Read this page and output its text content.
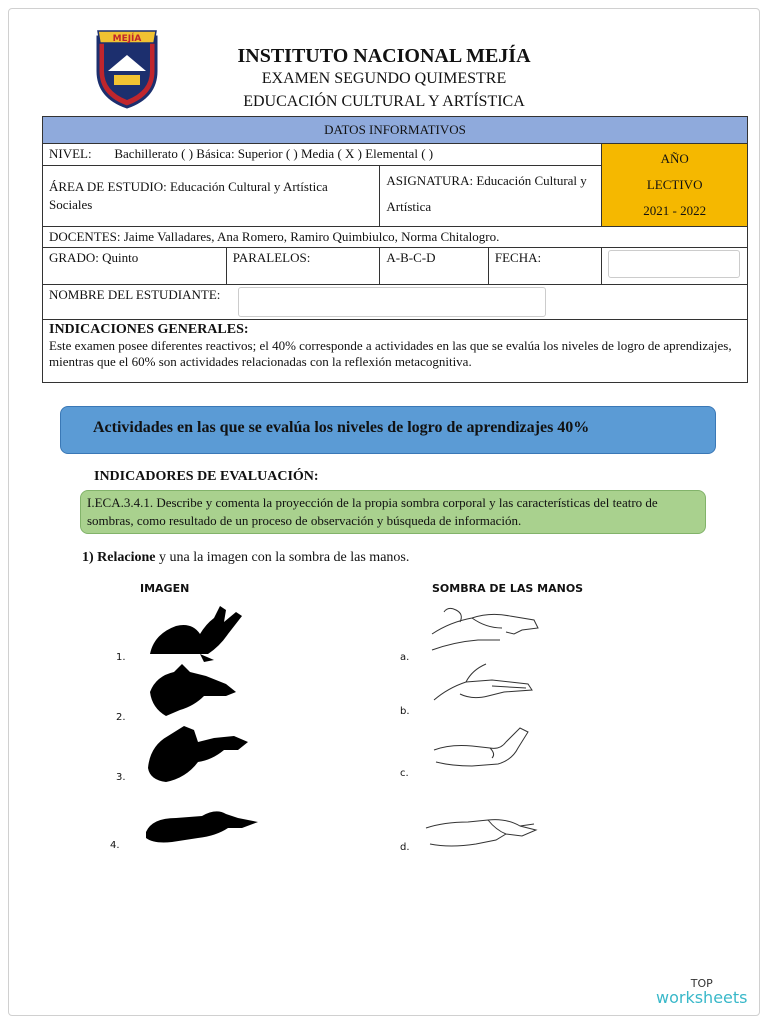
MEJÍA
INSTITUTO NACIONAL MEJÍA
EXAMEN SEGUNDO QUIMESTRE
EDUCACIÓN CULTURAL Y ARTÍSTICA
DATOS INFORMATIVOS				
NIVEL: Bachillerato ( ) Básica: Superior ( ) Media ( X ) Elemental ( )				AÑO
LECTIVO
2021 - 2022

ÁREA DE ESTUDIO: Educación Cultural y Artística Sociales		ASIGNATURA: Educación Cultural y Artística		
DOCENTES: Jaime Valladares, Ana Romero, Ramiro Quimbiulco, Norma Chitalogro.				
GRADO: Quinto	PARALELOS:	A-B-C-D	FECHA:	
NOMBRE DEL ESTUDIANTE:				

INDICACIONES GENERALES:
Este examen posee diferentes reactivos; el 40% corresponde a actividades en las que se evalúa los niveles de logro de aprendizajes, mientras que el 60% son actividades relacionadas con la reflexión metacognitiva.				
Actividades en las que se evalúa los niveles de logro de aprendizajes 40%
INDICADORES DE EVALUACIÓN:
I.ECA.3.4.1. Describe y comenta la proyección de la propia sombra corporal y las características del teatro de sombras, como resultado de un proceso de observación y búsqueda de información.
1) Relacione y una la imagen con la sombra de las manos.
IMAGEN	SOMBRA DE LAS MANOS
1.
2.
3.
4.
a.
b.
c.
d.
TOP
worksheets
